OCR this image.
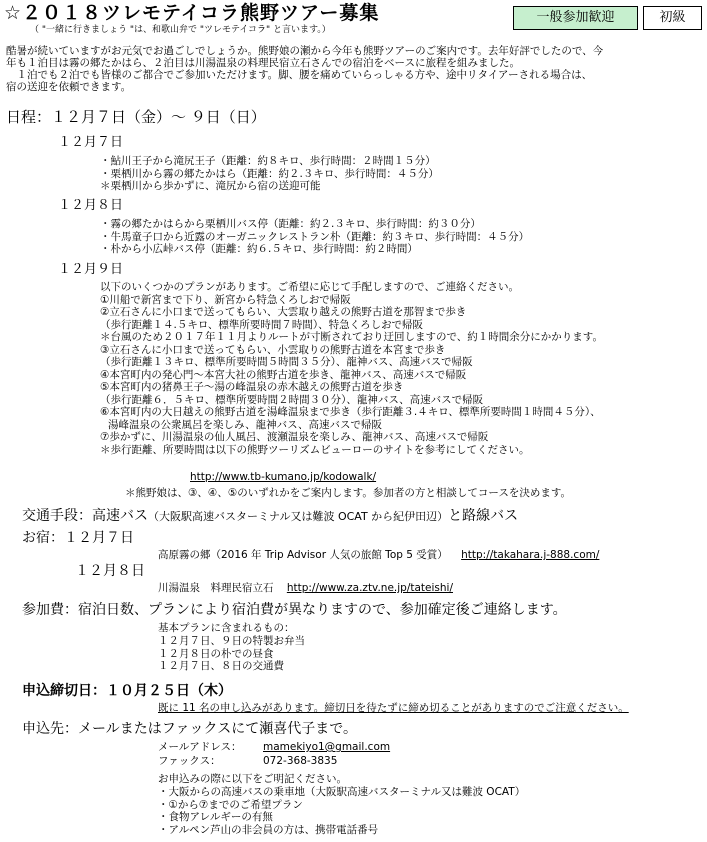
☆２０１８ツレモテイコラ熊野ツアー募集	一般参加歓迎	初級
（ "一緒に行きましょう "は、和歌山弁で "ツレモテイコラ" と言います。）

酷暑が続いていますがお元気でお過ごしでしょうか。熊野娘の瀬から今年も熊野ツアーのご案内です。去年好評でしたので、今

年も１泊目は霧の郷たかはら、２泊目は川湯温泉の料理民宿立石さんでの宿泊をベースに旅程を組みました。

　１泊でも２泊でも皆様のご都合でご参加いただけます。脚、腰を痛めていらっしゃる方や、途中リタイアーされる場合は、

宿の送迎を依頼できます。

日程：１２月７日（金）～ ９日（日）
１２月７日
・鮎川王子から滝尻王子（距離：約８キロ、歩行時間：２時間１５分）
・栗栖川から霧の郷たかはら（距離：約２.３キロ、歩行時間：４５分）
＊栗栖川から歩かずに、滝尻から宿の送迎可能
１２月８日
・霧の郷たかはらから栗栖川バス停（距離：約２.３キロ、歩行時間：約３０分）
・牛馬童子口から近露のオーガニックレストラン朴（距離：約３キロ、歩行時間：４５分）
・朴から小広峠バス停（距離：約６.５キロ、歩行時間：約２時間）
１２月９日
以下のいくつかのプランがあります。ご希望に応じて手配しますので、ご連絡ください。
①川船で新宮まで下り、新宮から特急くろしおで帰阪
②立石さんに小口まで送ってもらい、大雲取り越えの熊野古道を那智まで歩き
（歩行距離１４.５キロ、標準所要時間７時間）、特急くろしおで帰阪
＊台風のため２０１７年１１月よりルートが寸断されており迂回しますので、約１時間余分にかかります。
③立石さんに小口まで送ってもらい、小雲取りの熊野古道を本宮まで歩き
（歩行距離１３キロ、標準所要時間５時間３５分）、龍神バス、高速バスで帰阪
④本宮町内の発心門～本宮大社の熊野古道を歩き、龍神バス、高速バスで帰阪
⑤本宮町内の猪鼻王子～湯の峰温泉の赤木越えの熊野古道を歩き
（歩行距離６．５キロ、標準所要時間２時間３０分）、龍神バス、高速バスで帰阪
⑥本宮町内の大日越えの熊野古道を湯峰温泉まで歩き（歩行距離３.４キロ、標準所要時間１時間４５分）、
湯峰温泉の公衆風呂を楽しみ、龍神バス、高速バスで帰阪
⑦歩かずに、川湯温泉の仙人風呂、渡瀬温泉を楽しみ、龍神バス、高速バスで帰阪
＊歩行距離、所要時間は以下の熊野ツーリズムビューローのサイトを参考にしてください。
http://www.tb-kumano.jp/kodowalk/
＊熊野娘は、③、④、⑤のいずれかをご案内します。参加者の方と相談してコースを決めます。
交通手段：高速バス（大阪駅高速バスターミナル又は難波 OCAT から紀伊田辺）と路線バス
お宿：１２月７日
高原霧の郷（2016 年 Trip Advisor 人気の旅館 Top 5 受賞） http://takahara.j-888.com/
１２月８日
川湯温泉　料理民宿立石 http://www.za.ztv.ne.jp/tateishi/
参加費：宿泊日数、プランにより宿泊費が異なりますので、参加確定後ご連絡します。
基本プランに含まれるもの：
１２月７日、９日の特製お弁当
１２月８日の朴での昼食
１２月７日、８日の交通費
申込締切日：１０月２５日（木）
既に 11 名の申し込みがあります。締切日を待たずに締め切ることがありますのでご注意ください。
申込先：メールまたはファックスにて瀬喜代子まで。
メールアドレス： mamekiyo1@gmail.com
ファックス：	072-368-3835
お申込みの際に以下をご明記ください。
・大阪からの高速バスの乗車地（大阪駅高速バスターミナル又は難波 OCAT）
・①から⑦までのご希望プラン
・食物アレルギーの有無
・アルペン芦山の非会員の方は、携帯電話番号
